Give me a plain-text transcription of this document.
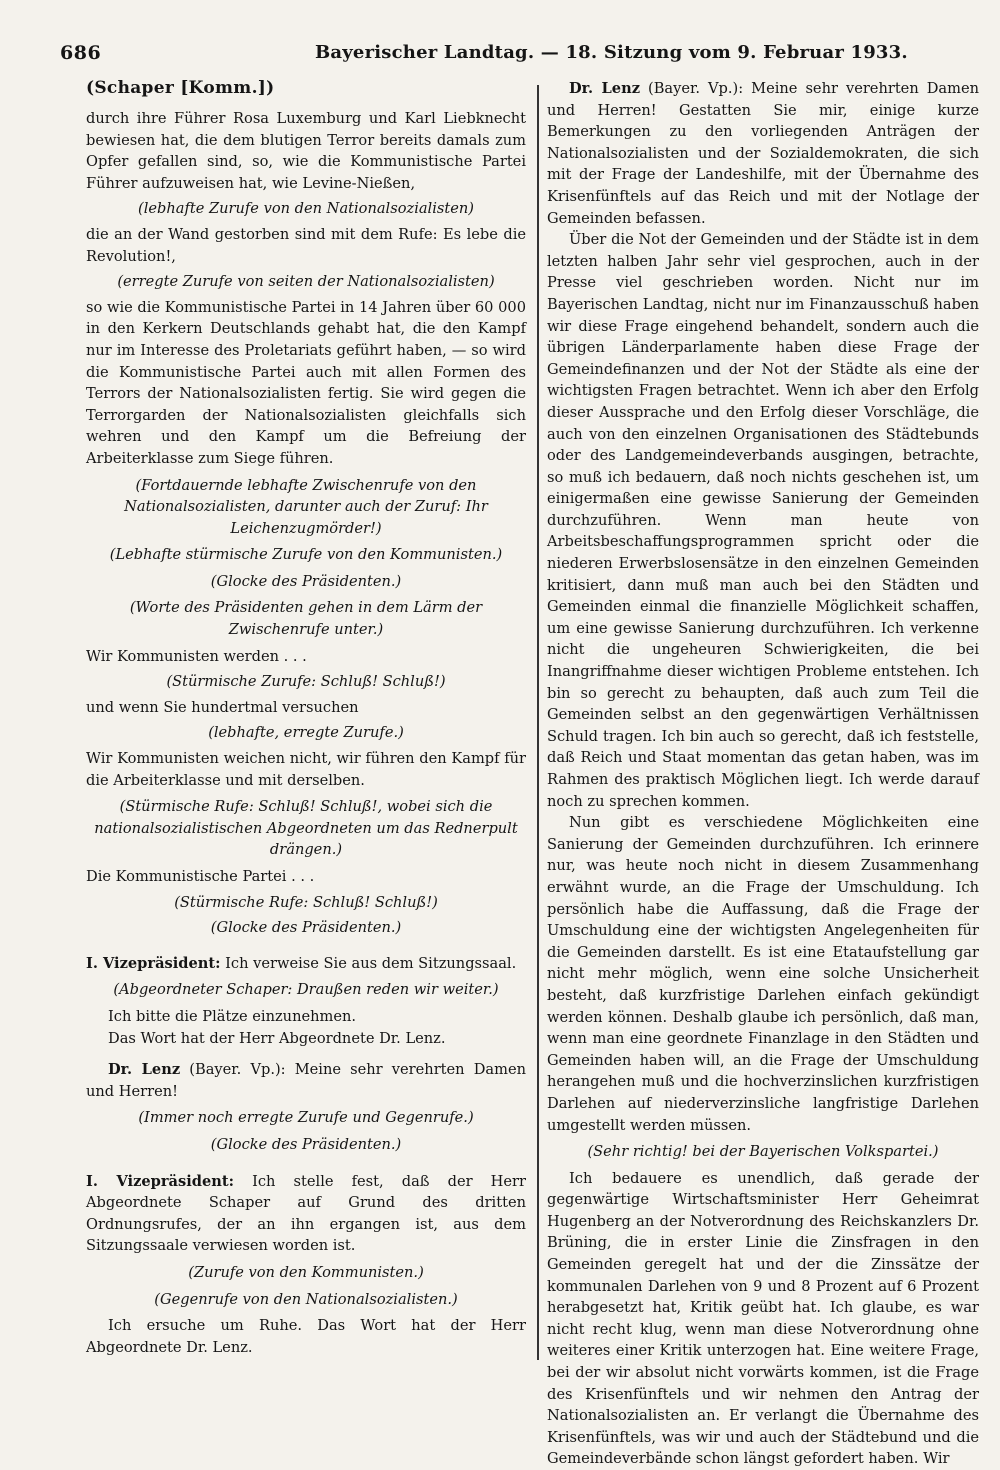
686	Bayerischer Landtag. — 18. Sitzung vom 9. Februar 1933.

(Schaper [Komm.])

durch ihre Führer Rosa Luxemburg und Karl Liebknecht bewiesen hat, die dem blutigen Terror bereits damals zum Opfer gefallen sind, so, wie die Kommunistische Partei Führer aufzuweisen hat, wie Levine-Nießen,

(lebhafte Zurufe von den Nationalsozialisten)

die an der Wand gestorben sind mit dem Rufe: Es lebe die Revolution!,

(erregte Zurufe von seiten der Nationalsozialisten)

so wie die Kommunistische Partei in 14 Jahren über 60 000 in den Kerkern Deutschlands gehabt hat, die den Kampf nur im Interesse des Proletariats geführt haben, — so wird die Kommunistische Partei auch mit allen Formen des Terrors der Nationalsozialisten fertig. Sie wird gegen die Terrorgarden der Nationalsozialisten gleichfalls sich wehren und den Kampf um die Befreiung der Arbeiterklasse zum Siege führen.

(Fortdauernde lebhafte Zwischenrufe von den Nationalsozialisten, darunter auch der Zuruf: Ihr Leichenzugmörder!)

(Lebhafte stürmische Zurufe von den Kommunisten.)

(Glocke des Präsidenten.)

(Worte des Präsidenten gehen in dem Lärm der Zwischenrufe unter.)

Wir Kommunisten werden . . .

(Stürmische Zurufe: Schluß! Schluß!)

und wenn Sie hundertmal versuchen

(lebhafte, erregte Zurufe.)

Wir Kommunisten weichen nicht, wir führen den Kampf für die Arbeiterklasse und mit derselben.

(Stürmische Rufe: Schluß! Schluß!, wobei sich die nationalsozialistischen Abgeordneten um das Rednerpult drängen.)

Die Kommunistische Partei . . .

(Stürmische Rufe: Schluß! Schluß!)

(Glocke des Präsidenten.)

I. Vizepräsident: Ich verweise Sie aus dem Sitzungssaal.

(Abgeordneter Schaper: Draußen reden wir weiter.)

Ich bitte die Plätze einzunehmen.

Das Wort hat der Herr Abgeordnete Dr. Lenz.

Dr. Lenz (Bayer. Vp.): Meine sehr verehrten Damen und Herren!

(Immer noch erregte Zurufe und Gegenrufe.)

(Glocke des Präsidenten.)

I. Vizepräsident: Ich stelle fest, daß der Herr Abgeordnete Schaper auf Grund des dritten Ordnungsrufes, der an ihn ergangen ist, aus dem Sitzungssaale verwiesen worden ist.

(Zurufe von den Kommunisten.)

(Gegenrufe von den Nationalsozialisten.)

Ich ersuche um Ruhe. Das Wort hat der Herr Abgeordnete Dr. Lenz.

Dr. Lenz (Bayer. Vp.): Meine sehr verehrten Damen und Herren! Gestatten Sie mir, einige kurze Bemerkungen zu den vorliegenden Anträgen der Nationalsozialisten und der Sozialdemokraten, die sich mit der Frage der Landeshilfe, mit der Übernahme des Krisenfünftels auf das Reich und mit der Notlage der Gemeinden befassen.

Über die Not der Gemeinden und der Städte ist in dem letzten halben Jahr sehr viel gesprochen, auch in der Presse viel geschrieben worden. Nicht nur im Bayerischen Landtag, nicht nur im Finanzausschuß haben wir diese Frage eingehend behandelt, sondern auch die übrigen Länderparlamente haben diese Frage der Gemeindefinanzen und der Not der Städte als eine der wichtigsten Fragen betrachtet. Wenn ich aber den Erfolg dieser Aussprache und den Erfolg dieser Vorschläge, die auch von den einzelnen Organisationen des Städtebunds oder des Landgemeindeverbands ausgingen, betrachte, so muß ich bedauern, daß noch nichts geschehen ist, um einigermaßen eine gewisse Sanierung der Gemeinden durchzuführen. Wenn man heute von Arbeitsbeschaffungsprogrammen spricht oder die niederen Erwerbslosensätze in den einzelnen Gemeinden kritisiert, dann muß man auch bei den Städten und Gemeinden einmal die finanzielle Möglichkeit schaffen, um eine gewisse Sanierung durchzuführen. Ich verkenne nicht die ungeheuren Schwierigkeiten, die bei Inangriffnahme dieser wichtigen Probleme entstehen. Ich bin so gerecht zu behaupten, daß auch zum Teil die Gemeinden selbst an den gegenwärtigen Verhältnissen Schuld tragen. Ich bin auch so gerecht, daß ich feststelle, daß Reich und Staat momentan das getan haben, was im Rahmen des praktisch Möglichen liegt. Ich werde darauf noch zu sprechen kommen.

Nun gibt es verschiedene Möglichkeiten eine Sanierung der Gemeinden durchzuführen. Ich erinnere nur, was heute noch nicht in diesem Zusammenhang erwähnt wurde, an die Frage der Umschuldung. Ich persönlich habe die Auffassung, daß die Frage der Umschuldung eine der wichtigsten Angelegenheiten für die Gemeinden darstellt. Es ist eine Etataufstellung gar nicht mehr möglich, wenn eine solche Unsicherheit besteht, daß kurzfristige Darlehen einfach gekündigt werden können. Deshalb glaube ich persönlich, daß man, wenn man eine geordnete Finanzlage in den Städten und Gemeinden haben will, an die Frage der Umschuldung herangehen muß und die hochverzinslichen kurzfristigen Darlehen auf niederverzinsliche langfristige Darlehen umgestellt werden müssen.

(Sehr richtig! bei der Bayerischen Volkspartei.)

Ich bedauere es unendlich, daß gerade der gegenwärtige Wirtschaftsminister Herr Geheimrat Hugenberg an der Notverordnung des Reichskanzlers Dr. Brüning, die in erster Linie die Zinsfragen in den Gemeinden geregelt hat und der die Zinssätze der kommunalen Darlehen von 9 und 8 Prozent auf 6 Prozent herabgesetzt hat, Kritik geübt hat. Ich glaube, es war nicht recht klug, wenn man diese Notverordnung ohne weiteres einer Kritik unterzogen hat. Eine weitere Frage, bei der wir absolut nicht vorwärts kommen, ist die Frage des Krisenfünftels und wir nehmen den Antrag der Nationalsozialisten an. Er verlangt die Übernahme des Krisenfünftels, was wir und auch der Städtebund und die Gemeindeverbände schon längst gefordert haben. Wir
